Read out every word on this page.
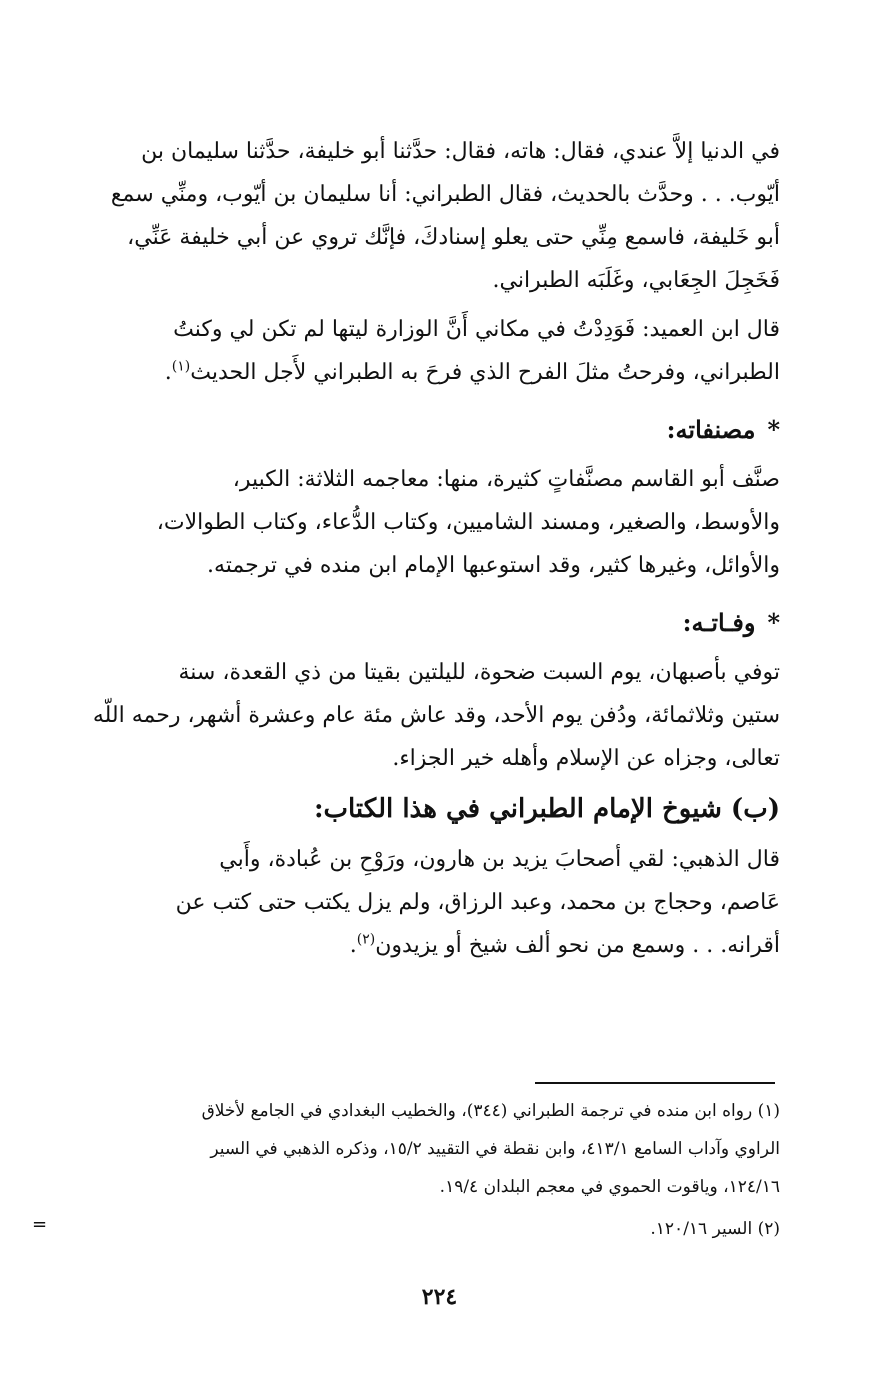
في الدنيا إلاَّ عندي، فقال: هاته، فقال: حدَّثنا أبو خليفة، حدَّثنا سليمان بن
أيّوب. . . وحدَّث بالحديث، فقال الطبراني: أنا سليمان بن أيّوب، ومنِّي سمع
أبو خَليفة، فاسمع مِنِّي حتى يعلو إسنادكَ، فإنَّك تروي عن أبي خليفة عَنِّي،
فَخَجِلَ الجِعَابي، وغَلَبَه الطبراني.

قال ابن العميد: فَوَدِدْتُ في مكاني أَنَّ الوزارة ليتها لم تكن لي وكنتُ
الطبراني، وفرحتُ مثلَ الفرح الذي فرحَ به الطبراني لأَجل الحديث$^{(١)}$.

*مصنفاته:

صنَّف أبو القاسم مصنَّفاتٍ كثيرة، منها: معاجمه الثلاثة: الكبير،
والأوسط، والصغير، ومسند الشاميين، وكتاب الدُّعاء، وكتاب الطوالات،
والأوائل، وغيرها كثير، وقد استوعبها الإمام ابن منده في ترجمته.

*وفـاتـه:

توفي بأصبهان، يوم السبت ضحوة، لليلتين بقيتا من ذي القعدة، سنة
ستين وثلاثمائة، ودُفن يوم الأحد، وقد عاش مئة عام وعشرة أشهر، رحمه اللّه
تعالى، وجزاه عن الإسلام وأهله خير الجزاء.

(ب) شيوخ الإمام الطبراني في هذا الكتاب:

قال الذهبي: لقي أصحابَ يزيد بن هارون، ورَوْحِ بن عُبادة، وأَبي
عَاصم، وحجاج بن محمد، وعبد الرزاق، ولم يزل يكتب حتى كتب عن
أقرانه. . . وسمع من نحو ألف شيخ أو يزيدون$^{(٢)}$.

(١) رواه ابن منده في ترجمة الطبراني (٣٤٤)، والخطيب البغدادي في الجامع لأخلاق
الراوي وآداب السامع ٤١٣/١، وابن نقطة في التقييد ١٥/٢، وذكره الذهبي في السير
١٢٤/١٦، وياقوت الحموي في معجم البلدان ١٩/٤.

(٢) السير ١٢٠/١٦.

=
٢٢٤
